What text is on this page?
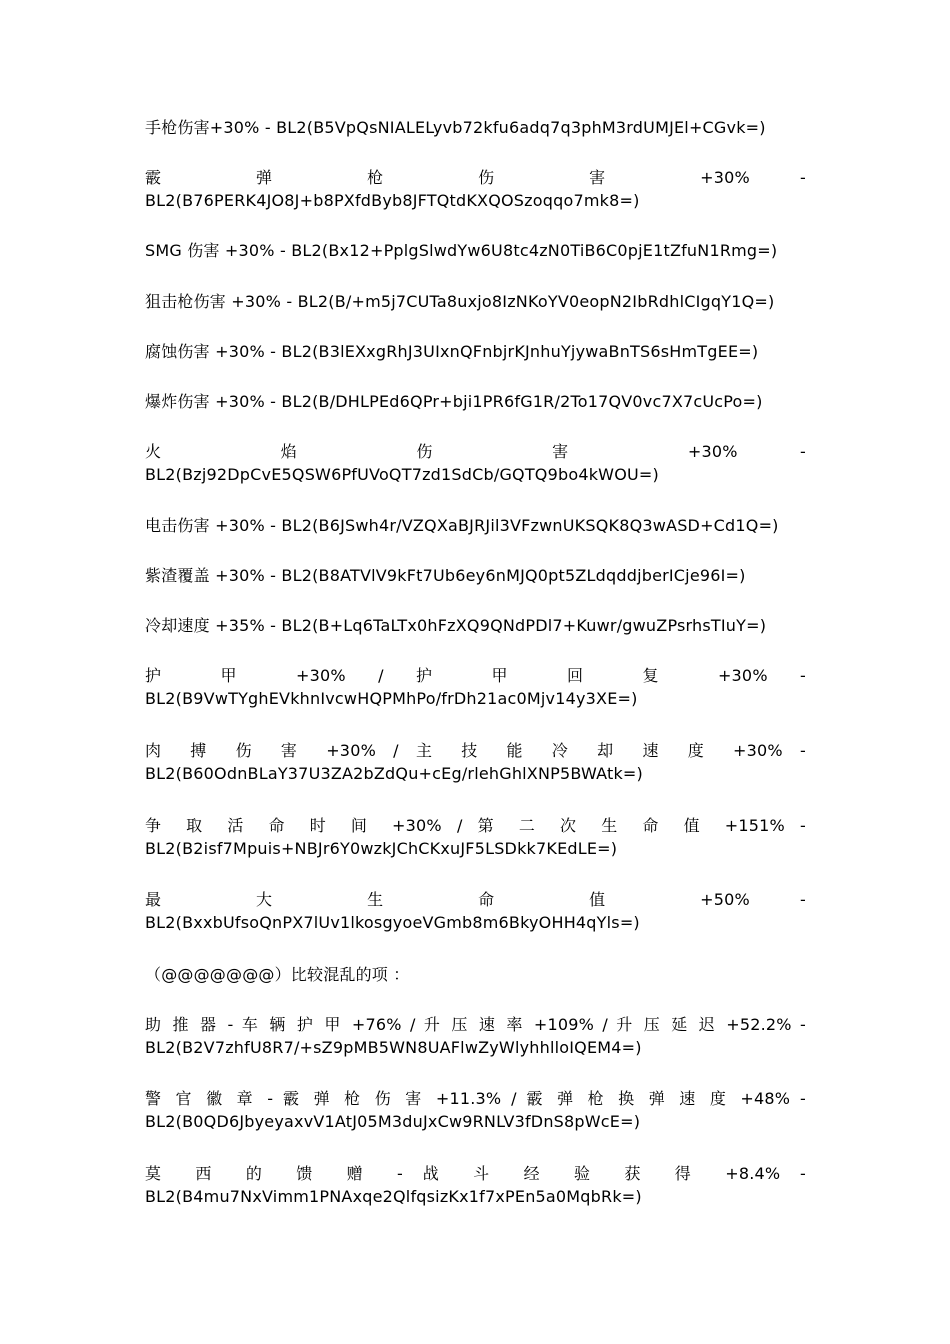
手枪伤害+30% - BL2(B5VpQsNIALELyvb72kfu6adq7q3phM3rdUMJEl+CGvk=)
霰 弹 枪 伤 害 +30% -
BL2(B76PERK4JO8J+b8PXfdByb8JFTQtdKXQOSzoqqo7mk8=)
SMG 伤害 +30% - BL2(Bx12+PplgSlwdYw6U8tc4zN0TiB6C0pjE1tZfuN1Rmg=)
狙击枪伤害 +30% - BL2(B/+m5j7CUTa8uxjo8IzNKoYV0eopN2IbRdhlCIgqY1Q=)
腐蚀伤害 +30% - BL2(B3lEXxgRhJ3UIxnQFnbjrKJnhuYjywaBnTS6sHmTgEE=)
爆炸伤害 +30% - BL2(B/DHLPEd6QPr+bji1PR6fG1R/2To17QV0vc7X7cUcPo=)
火 焰 伤 害 +30% -
BL2(Bzj92DpCvE5QSW6PfUVoQT7zd1SdCb/GQTQ9bo4kWOU=)
电击伤害 +30% - BL2(B6JSwh4r/VZQXaBJRJil3VFzwnUKSQK8Q3wASD+Cd1Q=)
紫渣覆盖 +30% - BL2(B8ATVlV9kFt7Ub6ey6nMJQ0pt5ZLdqddjberICje96I=)
冷却速度 +35% - BL2(B+Lq6TaLTx0hFzXQ9QNdPDl7+Kuwr/gwuZPsrhsTIuY=)
护 甲 +30% / 护 甲 回 复 +30% -
BL2(B9VwTYghEVkhnIvcwHQPMhPo/frDh21ac0Mjv14y3XE=)
肉 搏 伤 害 +30% / 主 技 能 冷 却 速 度 +30% -
BL2(B60OdnBLaY37U3ZA2bZdQu+cEg/rlehGhlXNP5BWAtk=)
争 取 活 命 时 间 +30% / 第 二 次 生 命 值 +151% -
BL2(B2isf7Mpuis+NBJr6Y0wzkJChCKxuJF5LSDkk7KEdLE=)
最 大 生 命 值 +50% -
BL2(BxxbUfsoQnPX7lUv1lkosgyoeVGmb8m6BkyOHH4qYls=)
（@@@@@@@）比较混乱的项 ：
助 推 器 - 车 辆 护 甲 +76% / 升 压 速 率 +109% / 升 压 延 迟 +52.2% -
BL2(B2V7zhfU8R7/+sZ9pMB5WN8UAFlwZyWlyhhlloIQEM4=)
警 官 徽 章 - 霰 弹 枪 伤 害 +11.3% / 霰 弹 枪 换 弹 速 度 +48% -
BL2(B0QD6JbyeyaxvV1AtJ05M3duJxCw9RNLV3fDnS8pWcE=)
莫 西 的 馈 赠 - 战 斗 经 验 获 得 +8.4% -
BL2(B4mu7NxVimm1PNAxqe2QlfqsizKx1f7xPEn5a0MqbRk=)
